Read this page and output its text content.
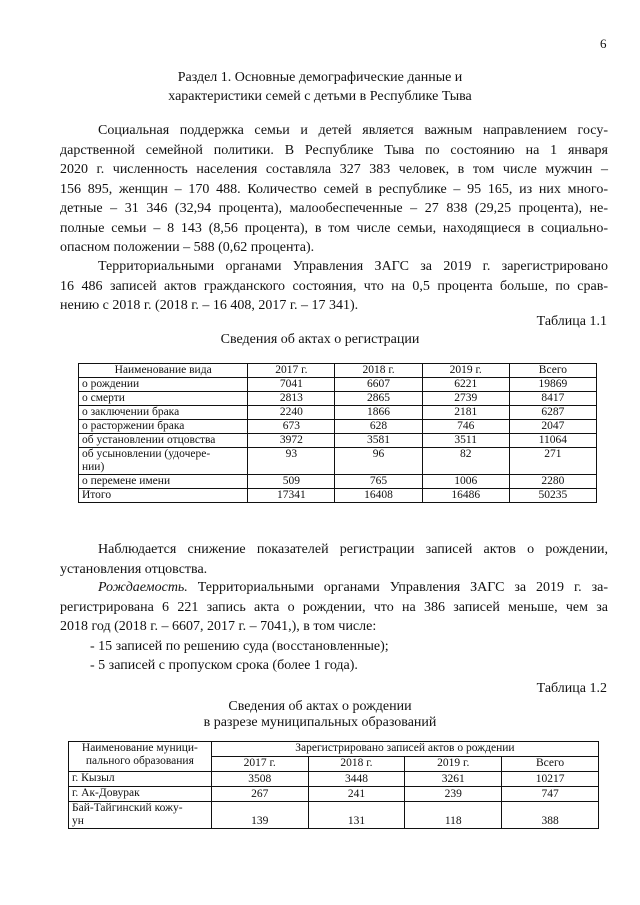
6
Раздел 1. Основные демографические данные и
характеристики семей с детьми в Республике Тыва
Социальная поддержка семьи и детей является важным направлением госу-
дарственной семейной политики. В Республике Тыва по состоянию на 1 января
2020 г. численность населения составляла 327 383 человек, в том числе мужчин –
156 895, женщин – 170 488. Количество семей в республике – 95 165, из них много-
детные – 31 346 (32,94 процента), малообеспеченные – 27 838 (29,25 процента), не-
полные семьи – 8 143 (8,56 процента), в том числе семьи, находящиеся в социально-
опасном положении – 588 (0,62 процента).
Территориальными органами Управления ЗАГС за 2019 г. зарегистрировано
16 486 записей актов гражданского состояния, что на 0,5 процента больше, по срав-
нению с 2018 г. (2018 г. – 16 408, 2017 г. – 17 341).
Таблица 1.1
Сведения об актах о регистрации
Наименование вида	2017 г.	2018 г.	2019 г.	Всего
о рождении	7041	6607	6221	19869
о смерти	2813	2865	2739	8417
о заключении брака	2240	1866	2181	6287
о расторжении брака	673	628	746	2047
об установлении отцовства	3972	3581	3511	11064
об усыновлении (удочере-
нии)	93	96	82	271
о перемене имени	509	765	1006	2280
Итого	17341	16408	16486	50235
Наблюдается снижение показателей регистрации записей актов о рождении,
установления отцовства.
Рождаемость. Территориальными органами Управления ЗАГС за 2019 г. за-
регистрирована 6 221 запись акта о рождении, что на 386 записей меньше, чем за
2018 год (2018 г. – 6607, 2017 г. – 7041,), в том числе:
- 15 записей по решению суда (восстановленные);
- 5 записей с пропуском срока (более 1 года).
Таблица 1.2
Сведения об актах о рождении
в разрезе муниципальных образований
Наименование муници-
пального образования	Зарегистрировано записей актов о рождении			
	2017 г.	2018 г.	2019 г.	Всего
г. Кызыл	3508	3448	3261	10217
г. Ак-Довурак	267	241	239	747
Бай-Тайгинский кожу-
ун	139	131	118	388
